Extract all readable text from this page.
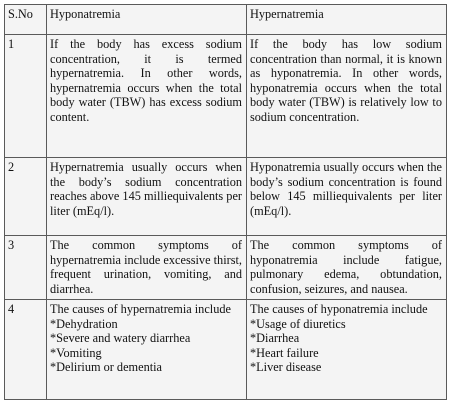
S.No	Hyponatremia	Hypernatremia
1	If the body has excess sodium concentration, it is termed hypernatremia. In other words, hypernatremia occurs when the total body water (TBW) has excess sodium content.	If the body has low sodium concentration than normal, it is known as hyponatremia. In other words, hyponatremia occurs when the total body water (TBW) is relatively low to sodium concentration.
2	Hypernatremia usually occurs when the body’s sodium concentration reaches above 145 milliequivalents per liter (mEq/l).	Hyponatremia usually occurs when the body’s sodium concentration is found below 145 milliequivalents per liter (mEq/l).
3	The common symptoms of hypernatremia include excessive thirst, frequent urination, vomiting, and diarrhea.	The common symptoms of hyponatremia include fatigue, pulmonary edema, obtundation, confusion, seizures, and nausea.
4	The causes of hypernatremia include
*Dehydration
*Severe and watery diarrhea
*Vomiting
*Delirium or dementia	The causes of hyponatremia include
*Usage of diuretics
*Diarrhea
*Heart failure
*Liver disease
